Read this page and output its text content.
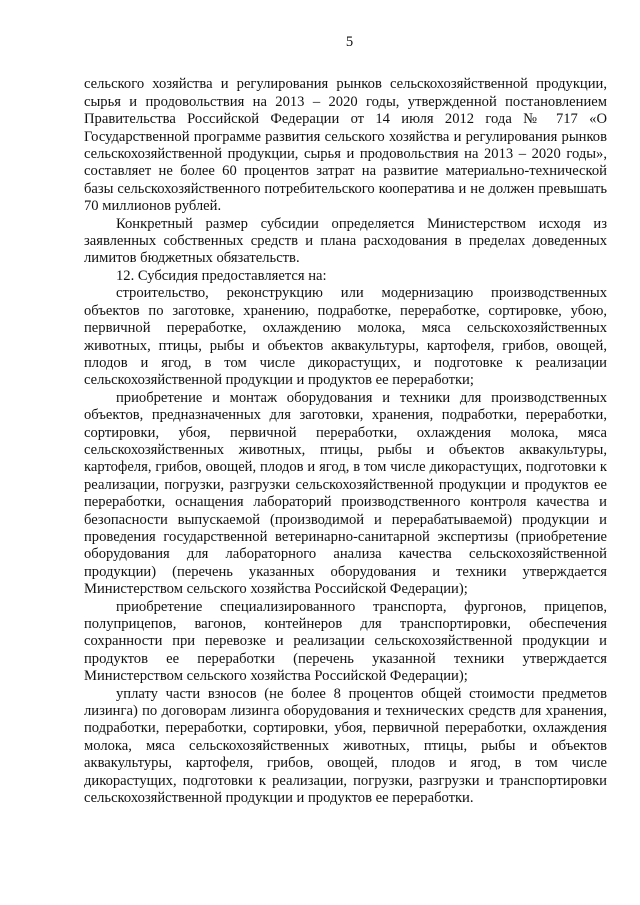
5

сельского хозяйства и регулирования рынков сельскохозяйственной продукции, сырья и продовольствия на 2013 – 2020 годы, утвержденной постановлением Правительства Российской Федерации от 14 июля 2012 года № 717 «О Государственной программе развития сельского хозяйства и регулирования рынков сельскохозяйственной продукции, сырья и продовольствия на 2013 – 2020 годы», составляет не более 60 процентов затрат на развитие материально-технической базы сельскохозяйственного потребительского кооператива и не должен превышать 70 миллионов рублей.

Конкретный размер субсидии определяется Министерством исходя из заявленных собственных средств и плана расходования в пределах доведенных лимитов бюджетных обязательств.

12. Субсидия предоставляется на:

строительство, реконструкцию или модернизацию производственных объектов по заготовке, хранению, подработке, переработке, сортировке, убою, первичной переработке, охлаждению молока, мяса сельскохозяйственных животных, птицы, рыбы и объектов аквакультуры, картофеля, грибов, овощей, плодов и ягод, в том числе дикорастущих, и подготовке к реализации сельскохозяйственной продукции и продуктов ее переработки;

приобретение и монтаж оборудования и техники для производственных объектов, предназначенных для заготовки, хранения, подработки, переработки, сортировки, убоя, первичной переработки, охлаждения молока, мяса сельскохозяйственных животных, птицы, рыбы и объектов аквакультуры, картофеля, грибов, овощей, плодов и ягод, в том числе дикорастущих, подготовки к реализации, погрузки, разгрузки сельскохозяйственной продукции и продуктов ее переработки, оснащения лабораторий производственного контроля качества и безопасности выпускаемой (производимой и перерабатываемой) продукции и проведения государственной ветеринарно-санитарной экспертизы (приобретение оборудования для лабораторного анализа качества сельскохозяйственной продукции) (перечень указанных оборудования и техники утверждается Министерством сельского хозяйства Российской Федерации);

приобретение специализированного транспорта, фургонов, прицепов, полуприцепов, вагонов, контейнеров для транспортировки, обеспечения сохранности при перевозке и реализации сельскохозяйственной продукции и продуктов ее переработки (перечень указанной техники утверждается Министерством сельского хозяйства Российской Федерации);

уплату части взносов (не более 8 процентов общей стоимости предметов лизинга) по договорам лизинга оборудования и технических средств для хранения, подработки, переработки, сортировки, убоя, первичной переработки, охлаждения молока, мяса сельскохозяйственных животных, птицы, рыбы и объектов аквакультуры, картофеля, грибов, овощей, плодов и ягод, в том числе дикорастущих, подготовки к реализации, погрузки, разгрузки и транспортировки сельскохозяйственной продукции и продуктов ее переработки.
